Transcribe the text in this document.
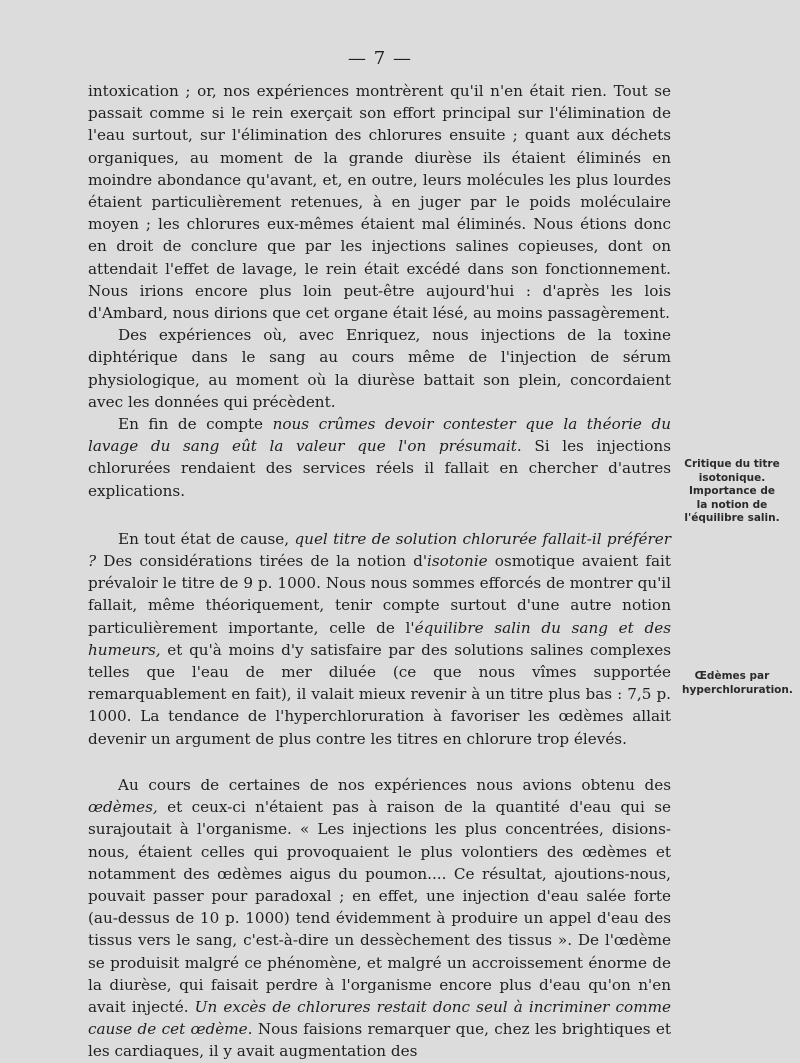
— 7 —

intoxication ; or, nos expériences montrèrent qu'il n'en était rien. Tout se passait comme si le rein exerçait son effort principal sur l'élimination de l'eau surtout, sur l'élimination des chlorures ensuite ; quant aux déchets organiques, au moment de la grande diurèse ils étaient éliminés en moindre abondance qu'avant, et, en outre, leurs molécules les plus lourdes étaient particulièrement retenues, à en juger par le poids moléculaire moyen ; les chlorures eux-mêmes étaient mal éliminés. Nous étions donc en droit de conclure que par les injections salines copieuses, dont on attendait l'effet de lavage, le rein était excédé dans son fonctionnement. Nous irions encore plus loin peut-être aujourd'hui : d'après les lois d'Ambard, nous dirions que cet organe était lésé, au moins passagèrement.

Des expériences où, avec Enriquez, nous injections de la toxine diphtérique dans le sang au cours même de l'injection de sérum physiologique, au moment où la diurèse battait son plein, concordaient avec les données qui précèdent.

En fin de compte nous crûmes devoir contester que la théorie du lavage du sang eût la valeur que l'on présumait. Si les injections chlorurées rendaient des services réels il fallait en chercher d'autres explications.

En tout état de cause, quel titre de solution chlorurée fallait-il préférer ? Des considérations tirées de la notion d'isotonie osmotique avaient fait prévaloir le titre de 9 p. 1000. Nous nous sommes efforcés de montrer qu'il fallait, même théoriquement, tenir compte surtout d'une autre notion particulièrement importante, celle de l'équilibre salin du sang et des humeurs, et qu'à moins d'y satisfaire par des solutions salines complexes telles que l'eau de mer diluée (ce que nous vîmes supportée remarquablement en fait), il valait mieux revenir à un titre plus bas : 7,5 p. 1000. La tendance de l'hyperchloruration à favoriser les œdèmes allait devenir un argument de plus contre les titres en chlorure trop élevés.

Au cours de certaines de nos expériences nous avions obtenu des œdèmes, et ceux-ci n'étaient pas à raison de la quantité d'eau qui se surajoutait à l'organisme. « Les injections les plus concentrées, disions-nous, étaient celles qui provoquaient le plus volontiers des œdèmes et notamment des œdèmes aigus du poumon.... Ce résultat, ajoutions-nous, pouvait passer pour paradoxal ; en effet, une injection d'eau salée forte (au-dessus de 10 p. 1000) tend évidemment à produire un appel d'eau des tissus vers le sang, c'est-à-dire un dessèchement des tissus ». De l'œdème se produisit malgré ce phénomène, et malgré un accroissement énorme de la diurèse, qui faisait perdre à l'organisme encore plus d'eau qu'on n'en avait injecté. Un excès de chlorures restait donc seul à incriminer comme cause de cet œdème. Nous faisions remarquer que, chez les brightiques et les cardiaques, il y avait augmentation des

Critique du titre isotonique. Importance de la notion de l'équilibre salin.
Œdèmes par hyperchloruration.
